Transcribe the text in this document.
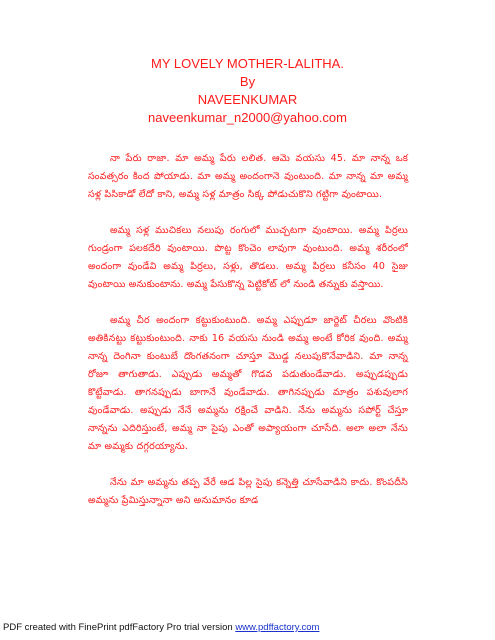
MY LOVELY MOTHER-LALITHA.
By
NAVEENKUMAR
naveenkumar_n2000@yahoo.com

నా పేరు రాజా. మా అమ్మ పేరు లలిత. ఆమె వయసు 45. మా నాన్న ఒక సంవత్సరం కింద పోయాడు. మా అమ్మ అందంగానె వుంటుంది. మా నాన్న మా అమ్మ సళ్ల పిసికాడో లేదో కాని, అమ్మ సళ్ల మాత్రం సిక్క పోడుచుకొని గట్టిగా వుంటాయి.

అమ్మ సళ్ల ముచికలు నలుపు రంగులో ముచ్చటగా వుంటాయి. అమ్మ పిర్రలు గుండ్రంగా పలకదేరి వుంటాయి. పొట్ట కొంచెం లావుగా వుంటుంది. అమ్మ శరీరంలో అందంగా వుండేవి అమ్మ పిర్రలు, సళ్లు, తొడలు. అమ్మ పిర్రలు కనీసం 40 సైజు వుంటాయి అనుకుంటాను. అమ్మ పేసుకొన్న పెట్టికోట్ లో నుండి తన్నుకు వస్తాయి.

అమ్మ చీర అందంగా కట్టుకుంటుంది. అమ్మ ఎప్పుడూ జార్జెట్ చీరలు వొంటికి అతికినట్టు కట్టుకుంటుంది. నాకు 16 వయసు నుండి అమ్మ అంటే కోరిక వుంది. అమ్మ నాన్న దెంగినా కుంటుబే దొంగతనంగా చూస్తూ మొడ్డ నలుపుకొనేవాడిని. మా నాన్న రోజూ తాగుతాడు. ఎప్పుడు అమ్మతో గొడవ పడుతుండేవాడు. అప్పుడప్పుడు కొట్టేవాడు. తాగనప్పుడు బాగానే వుండేవాడు. తాగినప్పుడు మాత్రం పశువులాగ వుండేవాడు. అప్పుడు నేనే అమ్మను రక్షించే వాడిని. నేను అమ్మను సపోర్ట్ చేస్తూ నాన్నను ఎదిరిస్తుంటే, అమ్మ నా సైపు ఎంతో అప్యాయంగా చూసేది. అలా అలా నేను మా అమ్మకు దగ్గరయ్యాను.

నేను మా అమ్మను తప్ప వేరే ఆడ పిల్ల సైపు కన్నెత్తి చూసేవాడిని కాదు. కొంపదీసి అమ్మను ప్రేమిస్తున్నానా అని అనుమానం కూడ

PDF created with FinePrint pdfFactory Pro trial version www.pdffactory.com
